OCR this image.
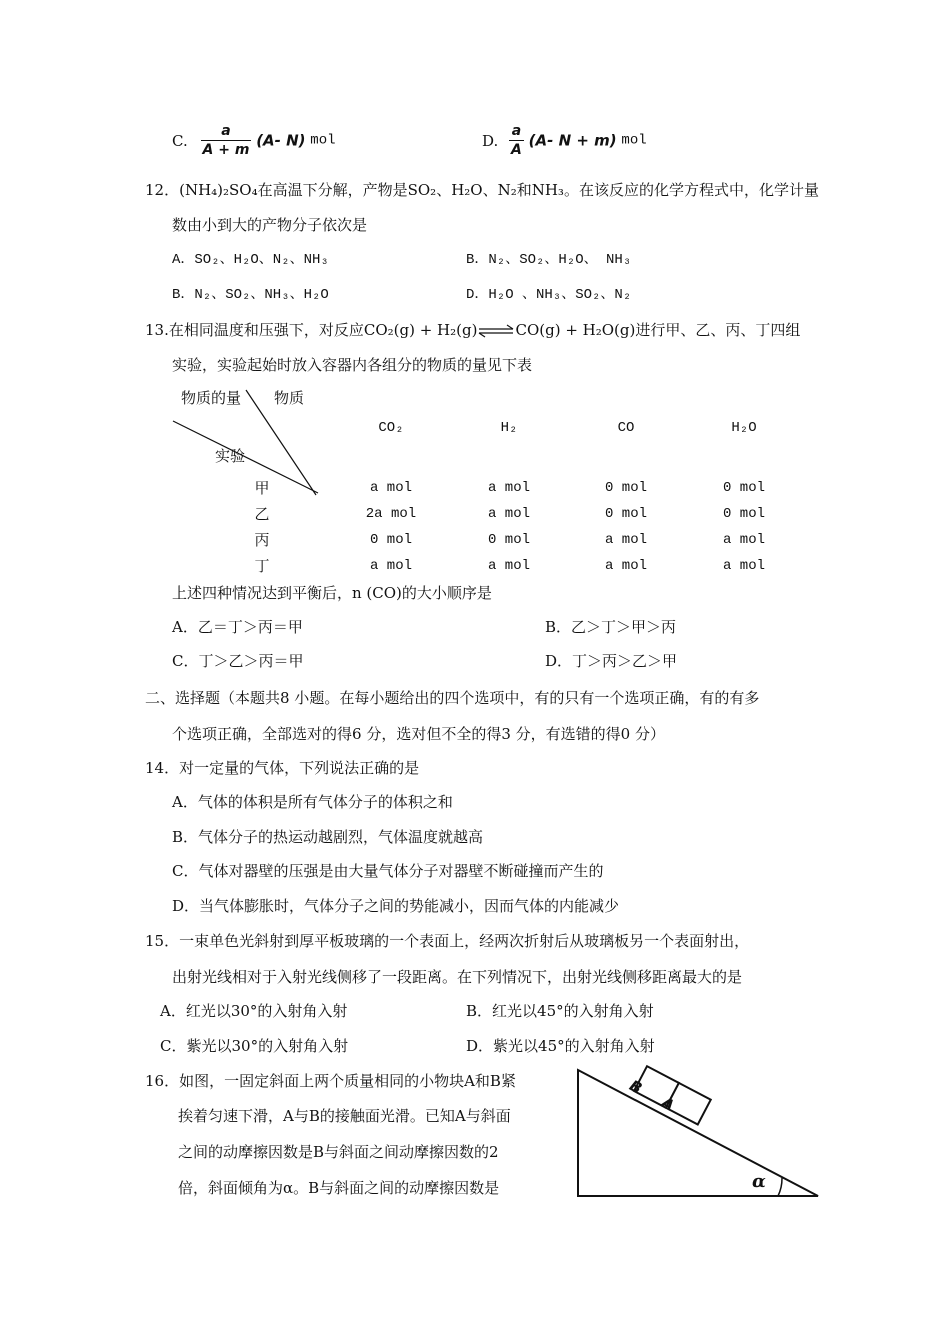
C. $\frac{a}{A + m} (A-$ N) mol	D. $\frac{a}{A} (A-$ N + m) mol
12．(NH₄)₂SO₄在高温下分解，产物是SO₂、H₂O、N₂和NH₃。在该反应的化学方程式中，化学计量
数由小到大的产物分子依次是
A．SO₂、H₂O、N₂、NH₃	B．N₂、SO₂、H₂O、 NH₃
B．N₂、SO₂、NH₃、H₂O	D．H₂O 、NH₃、SO₂、N₂
13.在相同温度和压强下，对反应CO₂(g) + H₂(g)⇌CO(g) + H₂O(g)进行甲、乙、丙、丁四组
实验，实验起始时放入容器内各组分的物质的量见下表
物质的量 物质
实验
CO₂	H₂	CO	H₂O
甲	a mol	a mol	0 mol	0 mol
乙	2a mol	a mol	0 mol	0 mol
丙	0 mol	0 mol	a mol	a mol
丁	a mol	a mol	a mol	a mol
上述四种情况达到平衡后，n (CO)的大小顺序是
A．乙＝丁＞丙＝甲	B．乙＞丁＞甲＞丙
C．丁＞乙＞丙＝甲	D．丁＞丙＞乙＞甲
二、选择题（本题共8 小题。在每小题给出的四个选项中，有的只有一个选项正确，有的有多
个选项正确，全部选对的得6 分，选对但不全的得3 分，有选错的得0 分）
14．对一定量的气体，下列说法正确的是
A．气体的体积是所有气体分子的体积之和
B．气体分子的热运动越剧烈，气体温度就越高
C．气体对器壁的压强是由大量气体分子对器壁不断碰撞而产生的
D．当气体膨胀时，气体分子之间的势能减小，因而气体的内能减少
15．一束单色光斜射到厚平板玻璃的一个表面上，经两次折射后从玻璃板另一个表面射出，
出射光线相对于入射光线侧移了一段距离。在下列情况下，出射光线侧移距离最大的是
A．红光以30°的入射角入射	B．红光以45°的入射角入射
C．紫光以30°的入射角入射	D．紫光以45°的入射角入射
16．如图，一固定斜面上两个质量相同的小物块A和B紧
挨着匀速下滑，A与B的接触面光滑。已知A与斜面
之间的动摩擦因数是B与斜面之间动摩擦因数的2
倍，斜面倾角为α。B与斜面之间的动摩擦因数是
B
A
α
